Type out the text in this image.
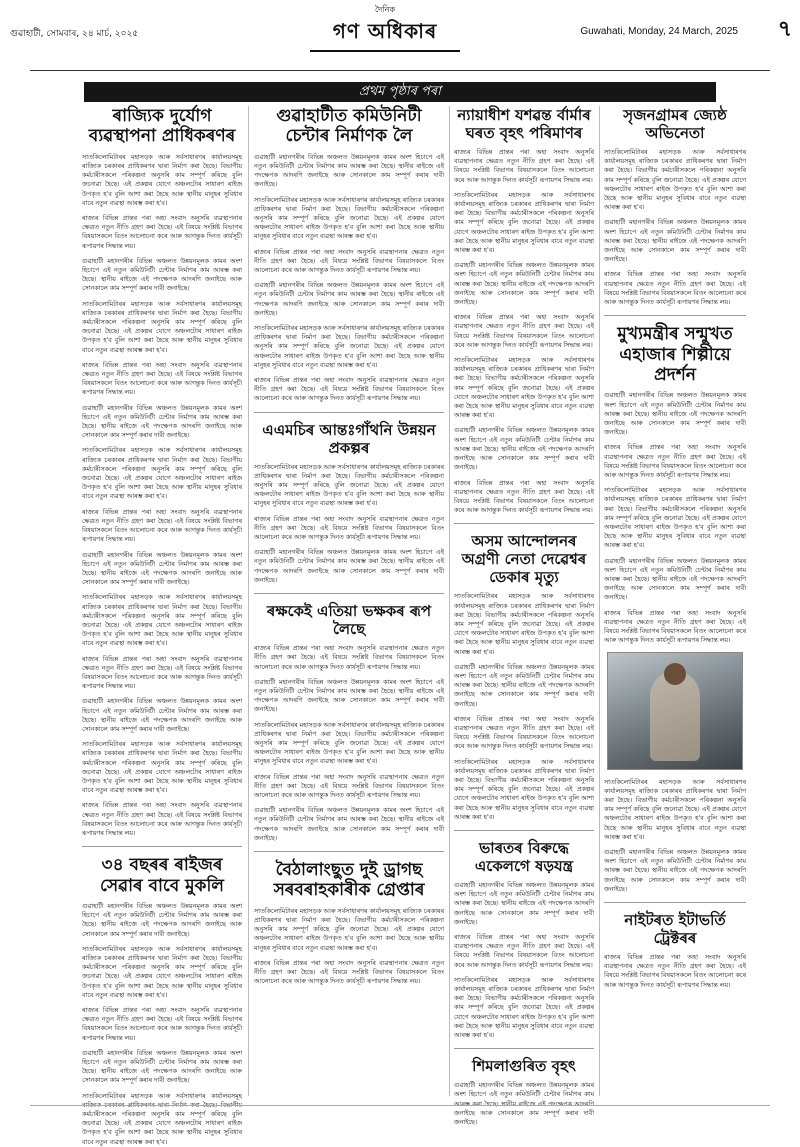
গুৱাহাটী, সোমবাৰ, ২৪ মাৰ্চ, ২০২৫
দৈনিক
গণ অধিকাৰ	Guwahati, Monday, 24 March, 2025 ৭
প্ৰথম পৃষ্ঠাৰ পৰা
ৰাজ্যিক দুৰ্যোগ ব্যৱস্থাপনা প্ৰাধিকৰণৰ

সাতকিলোমিটাৰৰ মহাসড়ক আৰু সৰ্বসাধাৰণৰ কাৰ্যালয়সমূহ ৰাজ্যিক চৰকাৰৰ প্ৰাধিকৰণৰ দ্বাৰা নিৰ্মাণ কৰা হৈছে। বিভাগীয় কৰ্মচাৰীসকলে পৰিকল্পনা অনুসৰি কাম সম্পূৰ্ণ কৰিছে বুলি জনোৱা হৈছে। এই প্ৰকল্পৰ যোগে অঞ্চলটোৰ সাধাৰণ ৰাইজ উপকৃত হ'ব বুলি আশা কৰা হৈছে আৰু স্থানীয় মানুহৰ সুবিধাৰ বাবে নতুন ব্যৱস্থা আৰম্ভ কৰা হ'ব।

ৰাজ্যৰ বিভিন্ন প্ৰান্তৰ পৰা অহা সংবাদ অনুসৰি ব্যৱস্থাপনাৰ ক্ষেত্ৰত নতুন নীতি গ্ৰহণ কৰা হৈছে। এই বিষয়ে সংশ্লিষ্ট বিভাগৰ বিষয়াসকলে বিতং আলোচনা কৰে আৰু আগন্তুক দিনত কাৰ্যসূচী ৰূপায়ণৰ সিদ্ধান্ত লয়।

গুৱাহাটী মহানগৰীৰ বিভিন্ন অঞ্চলত উন্নয়নমূলক কামৰ অংশ হিচাপে এই নতুন কমিউনিটী চেন্টাৰ নিৰ্মাণৰ কাম আৰম্ভ কৰা হৈছে। স্থানীয় ৰাইজে এই পদক্ষেপক আদৰণি জনাইছে আৰু সোনকালে কাম সম্পূৰ্ণ কৰাৰ দাবী জনাইছে।

সাতকিলোমিটাৰৰ মহাসড়ক আৰু সৰ্বসাধাৰণৰ কাৰ্যালয়সমূহ ৰাজ্যিক চৰকাৰৰ প্ৰাধিকৰণৰ দ্বাৰা নিৰ্মাণ কৰা হৈছে। বিভাগীয় কৰ্মচাৰীসকলে পৰিকল্পনা অনুসৰি কাম সম্পূৰ্ণ কৰিছে বুলি জনোৱা হৈছে। এই প্ৰকল্পৰ যোগে অঞ্চলটোৰ সাধাৰণ ৰাইজ উপকৃত হ'ব বুলি আশা কৰা হৈছে আৰু স্থানীয় মানুহৰ সুবিধাৰ বাবে নতুন ব্যৱস্থা আৰম্ভ কৰা হ'ব।

ৰাজ্যৰ বিভিন্ন প্ৰান্তৰ পৰা অহা সংবাদ অনুসৰি ব্যৱস্থাপনাৰ ক্ষেত্ৰত নতুন নীতি গ্ৰহণ কৰা হৈছে। এই বিষয়ে সংশ্লিষ্ট বিভাগৰ বিষয়াসকলে বিতং আলোচনা কৰে আৰু আগন্তুক দিনত কাৰ্যসূচী ৰূপায়ণৰ সিদ্ধান্ত লয়।

গুৱাহাটী মহানগৰীৰ বিভিন্ন অঞ্চলত উন্নয়নমূলক কামৰ অংশ হিচাপে এই নতুন কমিউনিটী চেন্টাৰ নিৰ্মাণৰ কাম আৰম্ভ কৰা হৈছে। স্থানীয় ৰাইজে এই পদক্ষেপক আদৰণি জনাইছে আৰু সোনকালে কাম সম্পূৰ্ণ কৰাৰ দাবী জনাইছে।

সাতকিলোমিটাৰৰ মহাসড়ক আৰু সৰ্বসাধাৰণৰ কাৰ্যালয়সমূহ ৰাজ্যিক চৰকাৰৰ প্ৰাধিকৰণৰ দ্বাৰা নিৰ্মাণ কৰা হৈছে। বিভাগীয় কৰ্মচাৰীসকলে পৰিকল্পনা অনুসৰি কাম সম্পূৰ্ণ কৰিছে বুলি জনোৱা হৈছে। এই প্ৰকল্পৰ যোগে অঞ্চলটোৰ সাধাৰণ ৰাইজ উপকৃত হ'ব বুলি আশা কৰা হৈছে আৰু স্থানীয় মানুহৰ সুবিধাৰ বাবে নতুন ব্যৱস্থা আৰম্ভ কৰা হ'ব।

ৰাজ্যৰ বিভিন্ন প্ৰান্তৰ পৰা অহা সংবাদ অনুসৰি ব্যৱস্থাপনাৰ ক্ষেত্ৰত নতুন নীতি গ্ৰহণ কৰা হৈছে। এই বিষয়ে সংশ্লিষ্ট বিভাগৰ বিষয়াসকলে বিতং আলোচনা কৰে আৰু আগন্তুক দিনত কাৰ্যসূচী ৰূপায়ণৰ সিদ্ধান্ত লয়।

গুৱাহাটী মহানগৰীৰ বিভিন্ন অঞ্চলত উন্নয়নমূলক কামৰ অংশ হিচাপে এই নতুন কমিউনিটী চেন্টাৰ নিৰ্মাণৰ কাম আৰম্ভ কৰা হৈছে। স্থানীয় ৰাইজে এই পদক্ষেপক আদৰণি জনাইছে আৰু সোনকালে কাম সম্পূৰ্ণ কৰাৰ দাবী জনাইছে।

সাতকিলোমিটাৰৰ মহাসড়ক আৰু সৰ্বসাধাৰণৰ কাৰ্যালয়সমূহ ৰাজ্যিক চৰকাৰৰ প্ৰাধিকৰণৰ দ্বাৰা নিৰ্মাণ কৰা হৈছে। বিভাগীয় কৰ্মচাৰীসকলে পৰিকল্পনা অনুসৰি কাম সম্পূৰ্ণ কৰিছে বুলি জনোৱা হৈছে। এই প্ৰকল্পৰ যোগে অঞ্চলটোৰ সাধাৰণ ৰাইজ উপকৃত হ'ব বুলি আশা কৰা হৈছে আৰু স্থানীয় মানুহৰ সুবিধাৰ বাবে নতুন ব্যৱস্থা আৰম্ভ কৰা হ'ব।

ৰাজ্যৰ বিভিন্ন প্ৰান্তৰ পৰা অহা সংবাদ অনুসৰি ব্যৱস্থাপনাৰ ক্ষেত্ৰত নতুন নীতি গ্ৰহণ কৰা হৈছে। এই বিষয়ে সংশ্লিষ্ট বিভাগৰ বিষয়াসকলে বিতং আলোচনা কৰে আৰু আগন্তুক দিনত কাৰ্যসূচী ৰূপায়ণৰ সিদ্ধান্ত লয়।

গুৱাহাটী মহানগৰীৰ বিভিন্ন অঞ্চলত উন্নয়নমূলক কামৰ অংশ হিচাপে এই নতুন কমিউনিটী চেন্টাৰ নিৰ্মাণৰ কাম আৰম্ভ কৰা হৈছে। স্থানীয় ৰাইজে এই পদক্ষেপক আদৰণি জনাইছে আৰু সোনকালে কাম সম্পূৰ্ণ কৰাৰ দাবী জনাইছে।

সাতকিলোমিটাৰৰ মহাসড়ক আৰু সৰ্বসাধাৰণৰ কাৰ্যালয়সমূহ ৰাজ্যিক চৰকাৰৰ প্ৰাধিকৰণৰ দ্বাৰা নিৰ্মাণ কৰা হৈছে। বিভাগীয় কৰ্মচাৰীসকলে পৰিকল্পনা অনুসৰি কাম সম্পূৰ্ণ কৰিছে বুলি জনোৱা হৈছে। এই প্ৰকল্পৰ যোগে অঞ্চলটোৰ সাধাৰণ ৰাইজ উপকৃত হ'ব বুলি আশা কৰা হৈছে আৰু স্থানীয় মানুহৰ সুবিধাৰ বাবে নতুন ব্যৱস্থা আৰম্ভ কৰা হ'ব।

ৰাজ্যৰ বিভিন্ন প্ৰান্তৰ পৰা অহা সংবাদ অনুসৰি ব্যৱস্থাপনাৰ ক্ষেত্ৰত নতুন নীতি গ্ৰহণ কৰা হৈছে। এই বিষয়ে সংশ্লিষ্ট বিভাগৰ বিষয়াসকলে বিতং আলোচনা কৰে আৰু আগন্তুক দিনত কাৰ্যসূচী ৰূপায়ণৰ সিদ্ধান্ত লয়।

৩৪ বছৰৰ ৰাইজৰ সেৱাৰ বাবে মুকলি

গুৱাহাটী মহানগৰীৰ বিভিন্ন অঞ্চলত উন্নয়নমূলক কামৰ অংশ হিচাপে এই নতুন কমিউনিটী চেন্টাৰ নিৰ্মাণৰ কাম আৰম্ভ কৰা হৈছে। স্থানীয় ৰাইজে এই পদক্ষেপক আদৰণি জনাইছে আৰু সোনকালে কাম সম্পূৰ্ণ কৰাৰ দাবী জনাইছে।

সাতকিলোমিটাৰৰ মহাসড়ক আৰু সৰ্বসাধাৰণৰ কাৰ্যালয়সমূহ ৰাজ্যিক চৰকাৰৰ প্ৰাধিকৰণৰ দ্বাৰা নিৰ্মাণ কৰা হৈছে। বিভাগীয় কৰ্মচাৰীসকলে পৰিকল্পনা অনুসৰি কাম সম্পূৰ্ণ কৰিছে বুলি জনোৱা হৈছে। এই প্ৰকল্পৰ যোগে অঞ্চলটোৰ সাধাৰণ ৰাইজ উপকৃত হ'ব বুলি আশা কৰা হৈছে আৰু স্থানীয় মানুহৰ সুবিধাৰ বাবে নতুন ব্যৱস্থা আৰম্ভ কৰা হ'ব।

ৰাজ্যৰ বিভিন্ন প্ৰান্তৰ পৰা অহা সংবাদ অনুসৰি ব্যৱস্থাপনাৰ ক্ষেত্ৰত নতুন নীতি গ্ৰহণ কৰা হৈছে। এই বিষয়ে সংশ্লিষ্ট বিভাগৰ বিষয়াসকলে বিতং আলোচনা কৰে আৰু আগন্তুক দিনত কাৰ্যসূচী ৰূপায়ণৰ সিদ্ধান্ত লয়।

গুৱাহাটী মহানগৰীৰ বিভিন্ন অঞ্চলত উন্নয়নমূলক কামৰ অংশ হিচাপে এই নতুন কমিউনিটী চেন্টাৰ নিৰ্মাণৰ কাম আৰম্ভ কৰা হৈছে। স্থানীয় ৰাইজে এই পদক্ষেপক আদৰণি জনাইছে আৰু সোনকালে কাম সম্পূৰ্ণ কৰাৰ দাবী জনাইছে।

সাতকিলোমিটাৰৰ মহাসড়ক আৰু সৰ্বসাধাৰণৰ কাৰ্যালয়সমূহ কৰ্মচাৰীসকলে পৰিকল্পনা অনুসৰি কাম সম্পূৰ্ণ কৰিছে বুলি জনোৱা হৈছে। এই প্ৰকল্পৰ যোগে অঞ্চলটোৰ সাধাৰণ ৰাইজ উপকৃত হ'ব বুলি আশা কৰা হৈছে আৰু স্থানীয় মানুহৰ সুবিধাৰ বাবে নতুন ব্যৱস্থা আৰম্ভ কৰা হ'ব।

গুৱাহাটীত কমিউনিটী চেন্টাৰ নিৰ্মাণক লৈ

গুৱাহাটী মহানগৰীৰ বিভিন্ন অঞ্চলত উন্নয়নমূলক কামৰ অংশ হিচাপে এই নতুন কমিউনিটী চেন্টাৰ নিৰ্মাণৰ কাম আৰম্ভ কৰা হৈছে। স্থানীয় ৰাইজে এই পদক্ষেপক আদৰণি জনাইছে আৰু সোনকালে কাম সম্পূৰ্ণ কৰাৰ দাবী জনাইছে।

সাতকিলোমিটাৰৰ মহাসড়ক আৰু সৰ্বসাধাৰণৰ কাৰ্যালয়সমূহ ৰাজ্যিক চৰকাৰৰ প্ৰাধিকৰণৰ দ্বাৰা নিৰ্মাণ কৰা হৈছে। বিভাগীয় কৰ্মচাৰীসকলে পৰিকল্পনা অনুসৰি কাম সম্পূৰ্ণ কৰিছে বুলি জনোৱা হৈছে। এই প্ৰকল্পৰ যোগে অঞ্চলটোৰ সাধাৰণ ৰাইজ উপকৃত হ'ব বুলি আশা কৰা হৈছে আৰু স্থানীয় মানুহৰ সুবিধাৰ বাবে নতুন ব্যৱস্থা আৰম্ভ কৰা হ'ব।

ৰাজ্যৰ বিভিন্ন প্ৰান্তৰ পৰা অহা সংবাদ অনুসৰি ব্যৱস্থাপনাৰ ক্ষেত্ৰত নতুন নীতি গ্ৰহণ কৰা হৈছে। এই বিষয়ে সংশ্লিষ্ট বিভাগৰ বিষয়াসকলে বিতং আলোচনা কৰে আৰু আগন্তুক দিনত কাৰ্যসূচী ৰূপায়ণৰ সিদ্ধান্ত লয়।

গুৱাহাটী মহানগৰীৰ বিভিন্ন অঞ্চলত উন্নয়নমূলক কামৰ অংশ হিচাপে এই নতুন কমিউনিটী চেন্টাৰ নিৰ্মাণৰ কাম আৰম্ভ কৰা হৈছে। স্থানীয় ৰাইজে এই পদক্ষেপক আদৰণি জনাইছে আৰু সোনকালে কাম সম্পূৰ্ণ কৰাৰ দাবী জনাইছে।

সাতকিলোমিটাৰৰ মহাসড়ক আৰু সৰ্বসাধাৰণৰ কাৰ্যালয়সমূহ ৰাজ্যিক চৰকাৰৰ প্ৰাধিকৰণৰ দ্বাৰা নিৰ্মাণ কৰা হৈছে। বিভাগীয় কৰ্মচাৰীসকলে পৰিকল্পনা অনুসৰি কাম সম্পূৰ্ণ কৰিছে বুলি জনোৱা হৈছে। এই প্ৰকল্পৰ যোগে অঞ্চলটোৰ সাধাৰণ ৰাইজ উপকৃত হ'ব বুলি আশা কৰা হৈছে আৰু স্থানীয় মানুহৰ সুবিধাৰ বাবে নতুন ব্যৱস্থা আৰম্ভ কৰা হ'ব।

ৰাজ্যৰ বিভিন্ন প্ৰান্তৰ পৰা অহা সংবাদ অনুসৰি ব্যৱস্থাপনাৰ ক্ষেত্ৰত নতুন নীতি গ্ৰহণ কৰা হৈছে। এই বিষয়ে সংশ্লিষ্ট বিভাগৰ বিষয়াসকলে বিতং আলোচনা কৰে আৰু আগন্তুক দিনত কাৰ্যসূচী ৰূপায়ণৰ সিদ্ধান্ত লয়।

এএমচিৰ আন্তঃগাঁথনি উন্নয়ন প্ৰকল্পৰ

সাতকিলোমিটাৰৰ মহাসড়ক আৰু সৰ্বসাধাৰণৰ কাৰ্যালয়সমূহ ৰাজ্যিক চৰকাৰৰ প্ৰাধিকৰণৰ দ্বাৰা নিৰ্মাণ কৰা হৈছে। বিভাগীয় কৰ্মচাৰীসকলে পৰিকল্পনা অনুসৰি কাম সম্পূৰ্ণ কৰিছে বুলি জনোৱা হৈছে। এই প্ৰকল্পৰ যোগে অঞ্চলটোৰ সাধাৰণ ৰাইজ উপকৃত হ'ব বুলি আশা কৰা হৈছে আৰু স্থানীয় মানুহৰ সুবিধাৰ বাবে নতুন ব্যৱস্থা আৰম্ভ কৰা হ'ব।

ৰাজ্যৰ বিভিন্ন প্ৰান্তৰ পৰা অহা সংবাদ অনুসৰি ব্যৱস্থাপনাৰ ক্ষেত্ৰত নতুন নীতি গ্ৰহণ কৰা হৈছে। এই বিষয়ে সংশ্লিষ্ট বিভাগৰ বিষয়াসকলে বিতং আলোচনা কৰে আৰু আগন্তুক দিনত কাৰ্যসূচী ৰূপায়ণৰ সিদ্ধান্ত লয়।

গুৱাহাটী মহানগৰীৰ বিভিন্ন অঞ্চলত উন্নয়নমূলক কামৰ অংশ হিচাপে এই নতুন কমিউনিটী চেন্টাৰ নিৰ্মাণৰ কাম আৰম্ভ কৰা হৈছে। স্থানীয় ৰাইজে এই পদক্ষেপক আদৰণি জনাইছে আৰু সোনকালে কাম সম্পূৰ্ণ কৰাৰ দাবী জনাইছে।

ৰক্ষকেই এতিয়া ভক্ষকৰ ৰূপ লৈছে

ৰাজ্যৰ বিভিন্ন প্ৰান্তৰ পৰা অহা সংবাদ অনুসৰি ব্যৱস্থাপনাৰ ক্ষেত্ৰত নতুন নীতি গ্ৰহণ কৰা হৈছে। এই বিষয়ে সংশ্লিষ্ট বিভাগৰ বিষয়াসকলে বিতং আলোচনা কৰে আৰু আগন্তুক দিনত কাৰ্যসূচী ৰূপায়ণৰ সিদ্ধান্ত লয়।

গুৱাহাটী মহানগৰীৰ বিভিন্ন অঞ্চলত উন্নয়নমূলক কামৰ অংশ হিচাপে এই নতুন কমিউনিটী চেন্টাৰ নিৰ্মাণৰ কাম আৰম্ভ কৰা হৈছে। স্থানীয় ৰাইজে এই পদক্ষেপক আদৰণি জনাইছে আৰু সোনকালে কাম সম্পূৰ্ণ কৰাৰ দাবী জনাইছে।

সাতকিলোমিটাৰৰ মহাসড়ক আৰু সৰ্বসাধাৰণৰ কাৰ্যালয়সমূহ ৰাজ্যিক চৰকাৰৰ প্ৰাধিকৰণৰ দ্বাৰা নিৰ্মাণ কৰা হৈছে। বিভাগীয় কৰ্মচাৰীসকলে পৰিকল্পনা অনুসৰি কাম সম্পূৰ্ণ কৰিছে বুলি জনোৱা হৈছে। এই প্ৰকল্পৰ যোগে অঞ্চলটোৰ সাধাৰণ ৰাইজ উপকৃত হ'ব বুলি আশা কৰা হৈছে আৰু স্থানীয় মানুহৰ সুবিধাৰ বাবে নতুন ব্যৱস্থা আৰম্ভ কৰা হ'ব।

ৰাজ্যৰ বিভিন্ন প্ৰান্তৰ পৰা অহা সংবাদ অনুসৰি ব্যৱস্থাপনাৰ ক্ষেত্ৰত নতুন নীতি গ্ৰহণ কৰা হৈছে। এই বিষয়ে সংশ্লিষ্ট বিভাগৰ বিষয়াসকলে বিতং আলোচনা কৰে আৰু আগন্তুক দিনত কাৰ্যসূচী ৰূপায়ণৰ সিদ্ধান্ত লয়।

গুৱাহাটী মহানগৰীৰ বিভিন্ন অঞ্চলত উন্নয়নমূলক কামৰ অংশ হিচাপে এই নতুন কমিউনিটী চেন্টাৰ নিৰ্মাণৰ কাম আৰম্ভ কৰা হৈছে। স্থানীয় ৰাইজে এই পদক্ষেপক আদৰণি জনাইছে আৰু সোনকালে কাম সম্পূৰ্ণ কৰাৰ দাবী জনাইছে।

বৈঠালাংছুত দুই ড্ৰাগছ সৰবৰাহকাৰীক গ্ৰেপ্তাৰ

সাতকিলোমিটাৰৰ মহাসড়ক আৰু সৰ্বসাধাৰণৰ কাৰ্যালয়সমূহ ৰাজ্যিক চৰকাৰৰ প্ৰাধিকৰণৰ দ্বাৰা নিৰ্মাণ কৰা হৈছে। বিভাগীয় কৰ্মচাৰীসকলে পৰিকল্পনা অনুসৰি কাম সম্পূৰ্ণ কৰিছে বুলি জনোৱা হৈছে। এই প্ৰকল্পৰ যোগে অঞ্চলটোৰ সাধাৰণ ৰাইজ উপকৃত হ'ব বুলি আশা কৰা হৈছে আৰু স্থানীয় মানুহৰ সুবিধাৰ বাবে নতুন ব্যৱস্থা আৰম্ভ কৰা হ'ব।

ৰাজ্যৰ বিভিন্ন প্ৰান্তৰ পৰা অহা সংবাদ অনুসৰি ব্যৱস্থাপনাৰ ক্ষেত্ৰত নতুন নীতি গ্ৰহণ কৰা হৈছে। এই বিষয়ে সংশ্লিষ্ট বিভাগৰ বিষয়াসকলে বিতং আলোচনা কৰে আৰু আগন্তুক দিনত কাৰ্যসূচী ৰূপায়ণৰ সিদ্ধান্ত লয়।

ন্যায়াধীশ যশৱন্ত ৰ্বাৰ্মাৰ ঘৰত বৃহৎ পৰিমাণৰ

ৰাজ্যৰ বিভিন্ন প্ৰান্তৰ পৰা অহা সংবাদ অনুসৰি ব্যৱস্থাপনাৰ ক্ষেত্ৰত নতুন নীতি গ্ৰহণ কৰা হৈছে। এই বিষয়ে সংশ্লিষ্ট বিভাগৰ বিষয়াসকলে বিতং আলোচনা কৰে আৰু আগন্তুক দিনত কাৰ্যসূচী ৰূপায়ণৰ সিদ্ধান্ত লয়।

সাতকিলোমিটাৰৰ মহাসড়ক আৰু সৰ্বসাধাৰণৰ কাৰ্যালয়সমূহ ৰাজ্যিক চৰকাৰৰ প্ৰাধিকৰণৰ দ্বাৰা নিৰ্মাণ কৰা হৈছে। বিভাগীয় কৰ্মচাৰীসকলে পৰিকল্পনা অনুসৰি কাম সম্পূৰ্ণ কৰিছে বুলি জনোৱা হৈছে। এই প্ৰকল্পৰ যোগে অঞ্চলটোৰ সাধাৰণ ৰাইজ উপকৃত হ'ব বুলি আশা কৰা হৈছে আৰু স্থানীয় মানুহৰ সুবিধাৰ বাবে নতুন ব্যৱস্থা আৰম্ভ কৰা হ'ব।

গুৱাহাটী মহানগৰীৰ বিভিন্ন অঞ্চলত উন্নয়নমূলক কামৰ অংশ হিচাপে এই নতুন কমিউনিটী চেন্টাৰ নিৰ্মাণৰ কাম আৰম্ভ কৰা হৈছে। স্থানীয় ৰাইজে এই পদক্ষেপক আদৰণি জনাইছে আৰু সোনকালে কাম সম্পূৰ্ণ কৰাৰ দাবী জনাইছে।

ৰাজ্যৰ বিভিন্ন প্ৰান্তৰ পৰা অহা সংবাদ অনুসৰি ব্যৱস্থাপনাৰ ক্ষেত্ৰত নতুন নীতি গ্ৰহণ কৰা হৈছে। এই বিষয়ে সংশ্লিষ্ট বিভাগৰ বিষয়াসকলে বিতং আলোচনা কৰে আৰু আগন্তুক দিনত কাৰ্যসূচী ৰূপায়ণৰ সিদ্ধান্ত লয়।

সাতকিলোমিটাৰৰ মহাসড়ক আৰু সৰ্বসাধাৰণৰ কাৰ্যালয়সমূহ ৰাজ্যিক চৰকাৰৰ প্ৰাধিকৰণৰ দ্বাৰা নিৰ্মাণ কৰা হৈছে। বিভাগীয় কৰ্মচাৰীসকলে পৰিকল্পনা অনুসৰি কাম সম্পূৰ্ণ কৰিছে বুলি জনোৱা হৈছে। এই প্ৰকল্পৰ যোগে অঞ্চলটোৰ সাধাৰণ ৰাইজ উপকৃত হ'ব বুলি আশা কৰা হৈছে আৰু স্থানীয় মানুহৰ সুবিধাৰ বাবে নতুন ব্যৱস্থা আৰম্ভ কৰা হ'ব।

গুৱাহাটী মহানগৰীৰ বিভিন্ন অঞ্চলত উন্নয়নমূলক কামৰ অংশ হিচাপে এই নতুন কমিউনিটী চেন্টাৰ নিৰ্মাণৰ কাম আৰম্ভ কৰা হৈছে। স্থানীয় ৰাইজে এই পদক্ষেপক আদৰণি জনাইছে আৰু সোনকালে কাম সম্পূৰ্ণ কৰাৰ দাবী জনাইছে।

ৰাজ্যৰ বিভিন্ন প্ৰান্তৰ পৰা অহা সংবাদ অনুসৰি ব্যৱস্থাপনাৰ ক্ষেত্ৰত নতুন নীতি গ্ৰহণ কৰা হৈছে। এই বিষয়ে সংশ্লিষ্ট বিভাগৰ বিষয়াসকলে বিতং আলোচনা কৰে আৰু আগন্তুক দিনত কাৰ্যসূচী ৰূপায়ণৰ সিদ্ধান্ত লয়।

অসম আন্দোলনৰ অগ্ৰণী নেতা দেৱেশ্বৰ ডেকাৰ মৃত্যু

সাতকিলোমিটাৰৰ মহাসড়ক আৰু সৰ্বসাধাৰণৰ কাৰ্যালয়সমূহ ৰাজ্যিক চৰকাৰৰ প্ৰাধিকৰণৰ দ্বাৰা নিৰ্মাণ কৰা হৈছে। বিভাগীয় কৰ্মচাৰীসকলে পৰিকল্পনা অনুসৰি কাম সম্পূৰ্ণ কৰিছে বুলি জনোৱা হৈছে। এই প্ৰকল্পৰ যোগে অঞ্চলটোৰ সাধাৰণ ৰাইজ উপকৃত হ'ব বুলি আশা কৰা হৈছে আৰু স্থানীয় মানুহৰ সুবিধাৰ বাবে নতুন ব্যৱস্থা আৰম্ভ কৰা হ'ব।

গুৱাহাটী মহানগৰীৰ বিভিন্ন অঞ্চলত উন্নয়নমূলক কামৰ অংশ হিচাপে এই নতুন কমিউনিটী চেন্টাৰ নিৰ্মাণৰ কাম আৰম্ভ কৰা হৈছে। স্থানীয় ৰাইজে এই পদক্ষেপক আদৰণি জনাইছে আৰু সোনকালে কাম সম্পূৰ্ণ কৰাৰ দাবী জনাইছে।

ৰাজ্যৰ বিভিন্ন প্ৰান্তৰ পৰা অহা সংবাদ অনুসৰি ব্যৱস্থাপনাৰ ক্ষেত্ৰত নতুন নীতি গ্ৰহণ কৰা হৈছে। এই বিষয়ে সংশ্লিষ্ট বিভাগৰ বিষয়াসকলে বিতং আলোচনা কৰে আৰু আগন্তুক দিনত কাৰ্যসূচী ৰূপায়ণৰ সিদ্ধান্ত লয়।

সাতকিলোমিটাৰৰ মহাসড়ক আৰু সৰ্বসাধাৰণৰ কাৰ্যালয়সমূহ ৰাজ্যিক চৰকাৰৰ প্ৰাধিকৰণৰ দ্বাৰা নিৰ্মাণ কৰা হৈছে। বিভাগীয় কৰ্মচাৰীসকলে পৰিকল্পনা অনুসৰি কাম সম্পূৰ্ণ কৰিছে বুলি জনোৱা হৈছে। এই প্ৰকল্পৰ যোগে অঞ্চলটোৰ সাধাৰণ ৰাইজ উপকৃত হ'ব বুলি আশা কৰা হৈছে আৰু স্থানীয় মানুহৰ সুবিধাৰ বাবে নতুন ব্যৱস্থা আৰম্ভ কৰা হ'ব।

ভাৰতৰ বিৰুদ্ধে একেলগে ষড়যন্ত্ৰ

গুৱাহাটী মহানগৰীৰ বিভিন্ন অঞ্চলত উন্নয়নমূলক কামৰ অংশ হিচাপে এই নতুন কমিউনিটী চেন্টাৰ নিৰ্মাণৰ কাম আৰম্ভ কৰা হৈছে। স্থানীয় ৰাইজে এই পদক্ষেপক আদৰণি জনাইছে আৰু সোনকালে কাম সম্পূৰ্ণ কৰাৰ দাবী জনাইছে।

ৰাজ্যৰ বিভিন্ন প্ৰান্তৰ পৰা অহা সংবাদ অনুসৰি ব্যৱস্থাপনাৰ ক্ষেত্ৰত নতুন নীতি গ্ৰহণ কৰা হৈছে। এই বিষয়ে সংশ্লিষ্ট বিভাগৰ বিষয়াসকলে বিতং আলোচনা কৰে আৰু আগন্তুক দিনত কাৰ্যসূচী ৰূপায়ণৰ সিদ্ধান্ত লয়।

সাতকিলোমিটাৰৰ মহাসড়ক আৰু সৰ্বসাধাৰণৰ কাৰ্যালয়সমূহ ৰাজ্যিক চৰকাৰৰ প্ৰাধিকৰণৰ দ্বাৰা নিৰ্মাণ কৰা হৈছে। বিভাগীয় কৰ্মচাৰীসকলে পৰিকল্পনা অনুসৰি কাম সম্পূৰ্ণ কৰিছে বুলি জনোৱা হৈছে। এই প্ৰকল্পৰ যোগে অঞ্চলটোৰ সাধাৰণ ৰাইজ উপকৃত হ'ব বুলি আশা কৰা হৈছে আৰু স্থানীয় মানুহৰ সুবিধাৰ বাবে নতুন ব্যৱস্থা আৰম্ভ কৰা হ'ব।

শিমলাগুৰিত বৃহৎ

গুৱাহাটী মহানগৰীৰ বিভিন্ন অঞ্চলত উন্নয়নমূলক কামৰ অংশ হিচাপে এই নতুন কমিউনিটী চেন্টাৰ নিৰ্মাণৰ কাম জনাইছে আৰু সোনকালে কাম সম্পূৰ্ণ কৰাৰ দাবী জনাইছে।

সৃজনগ্ৰামৰ জ্যেষ্ঠ অভিনেতা

সাতকিলোমিটাৰৰ মহাসড়ক আৰু সৰ্বসাধাৰণৰ কাৰ্যালয়সমূহ ৰাজ্যিক চৰকাৰৰ প্ৰাধিকৰণৰ দ্বাৰা নিৰ্মাণ কৰা হৈছে। বিভাগীয় কৰ্মচাৰীসকলে পৰিকল্পনা অনুসৰি কাম সম্পূৰ্ণ কৰিছে বুলি জনোৱা হৈছে। এই প্ৰকল্পৰ যোগে অঞ্চলটোৰ সাধাৰণ ৰাইজ উপকৃত হ'ব বুলি আশা কৰা হৈছে আৰু স্থানীয় মানুহৰ সুবিধাৰ বাবে নতুন ব্যৱস্থা আৰম্ভ কৰা হ'ব।

গুৱাহাটী মহানগৰীৰ বিভিন্ন অঞ্চলত উন্নয়নমূলক কামৰ অংশ হিচাপে এই নতুন কমিউনিটী চেন্টাৰ নিৰ্মাণৰ কাম আৰম্ভ কৰা হৈছে। স্থানীয় ৰাইজে এই পদক্ষেপক আদৰণি জনাইছে আৰু সোনকালে কাম সম্পূৰ্ণ কৰাৰ দাবী জনাইছে।

ৰাজ্যৰ বিভিন্ন প্ৰান্তৰ পৰা অহা সংবাদ অনুসৰি ব্যৱস্থাপনাৰ ক্ষেত্ৰত নতুন নীতি গ্ৰহণ কৰা হৈছে। এই বিষয়ে সংশ্লিষ্ট বিভাগৰ বিষয়াসকলে বিতং আলোচনা কৰে আৰু আগন্তুক দিনত কাৰ্যসূচী ৰূপায়ণৰ সিদ্ধান্ত লয়।

মুখ্যমন্ত্ৰীৰ সন্মুখত এহাজাৰ শিল্পীয়ে প্ৰদৰ্শন

গুৱাহাটী মহানগৰীৰ বিভিন্ন অঞ্চলত উন্নয়নমূলক কামৰ অংশ হিচাপে এই নতুন কমিউনিটী চেন্টাৰ নিৰ্মাণৰ কাম আৰম্ভ কৰা হৈছে। স্থানীয় ৰাইজে এই পদক্ষেপক আদৰণি জনাইছে আৰু সোনকালে কাম সম্পূৰ্ণ কৰাৰ দাবী জনাইছে।

ৰাজ্যৰ বিভিন্ন প্ৰান্তৰ পৰা অহা সংবাদ অনুসৰি ব্যৱস্থাপনাৰ ক্ষেত্ৰত নতুন নীতি গ্ৰহণ কৰা হৈছে। এই বিষয়ে সংশ্লিষ্ট বিভাগৰ বিষয়াসকলে বিতং আলোচনা কৰে আৰু আগন্তুক দিনত কাৰ্যসূচী ৰূপায়ণৰ সিদ্ধান্ত লয়।

সাতকিলোমিটাৰৰ মহাসড়ক আৰু সৰ্বসাধাৰণৰ কাৰ্যালয়সমূহ ৰাজ্যিক চৰকাৰৰ প্ৰাধিকৰণৰ দ্বাৰা নিৰ্মাণ কৰা হৈছে। বিভাগীয় কৰ্মচাৰীসকলে পৰিকল্পনা অনুসৰি কাম সম্পূৰ্ণ কৰিছে বুলি জনোৱা হৈছে। এই প্ৰকল্পৰ যোগে অঞ্চলটোৰ সাধাৰণ ৰাইজ উপকৃত হ'ব বুলি আশা কৰা হৈছে আৰু স্থানীয় মানুহৰ সুবিধাৰ বাবে নতুন ব্যৱস্থা আৰম্ভ কৰা হ'ব।

গুৱাহাটী মহানগৰীৰ বিভিন্ন অঞ্চলত উন্নয়নমূলক কামৰ অংশ হিচাপে এই নতুন কমিউনিটী চেন্টাৰ নিৰ্মাণৰ কাম আৰম্ভ কৰা হৈছে। স্থানীয় ৰাইজে এই পদক্ষেপক আদৰণি জনাইছে আৰু সোনকালে কাম সম্পূৰ্ণ কৰাৰ দাবী জনাইছে।

ৰাজ্যৰ বিভিন্ন প্ৰান্তৰ পৰা অহা সংবাদ অনুসৰি ব্যৱস্থাপনাৰ ক্ষেত্ৰত নতুন নীতি গ্ৰহণ কৰা হৈছে। এই বিষয়ে সংশ্লিষ্ট বিভাগৰ বিষয়াসকলে বিতং আলোচনা কৰে আৰু আগন্তুক দিনত কাৰ্যসূচী ৰূপায়ণৰ সিদ্ধান্ত লয়।

সাতকিলোমিটাৰৰ মহাসড়ক আৰু সৰ্বসাধাৰণৰ কাৰ্যালয়সমূহ ৰাজ্যিক চৰকাৰৰ প্ৰাধিকৰণৰ দ্বাৰা নিৰ্মাণ কৰা হৈছে। বিভাগীয় কৰ্মচাৰীসকলে পৰিকল্পনা অনুসৰি কাম সম্পূৰ্ণ কৰিছে বুলি জনোৱা হৈছে। এই প্ৰকল্পৰ যোগে অঞ্চলটোৰ সাধাৰণ ৰাইজ উপকৃত হ'ব বুলি আশা কৰা হৈছে আৰু স্থানীয় মানুহৰ সুবিধাৰ বাবে নতুন ব্যৱস্থা আৰম্ভ কৰা হ'ব।

গুৱাহাটী মহানগৰীৰ বিভিন্ন অঞ্চলত উন্নয়নমূলক কামৰ অংশ হিচাপে এই নতুন কমিউনিটী চেন্টাৰ নিৰ্মাণৰ কাম আৰম্ভ কৰা হৈছে। স্থানীয় ৰাইজে এই পদক্ষেপক আদৰণি জনাইছে আৰু সোনকালে কাম সম্পূৰ্ণ কৰাৰ দাবী জনাইছে।

নাইটৰত ইটাভৰ্তি ট্ৰেক্টৰৰ

ৰাজ্যৰ বিভিন্ন প্ৰান্তৰ পৰা অহা সংবাদ অনুসৰি ব্যৱস্থাপনাৰ ক্ষেত্ৰত নতুন নীতি গ্ৰহণ কৰা হৈছে। এই বিষয়ে সংশ্লিষ্ট বিভাগৰ বিষয়াসকলে বিতং আলোচনা কৰে আৰু আগন্তুক দিনত কাৰ্যসূচী ৰূপায়ণৰ সিদ্ধান্ত লয়।
